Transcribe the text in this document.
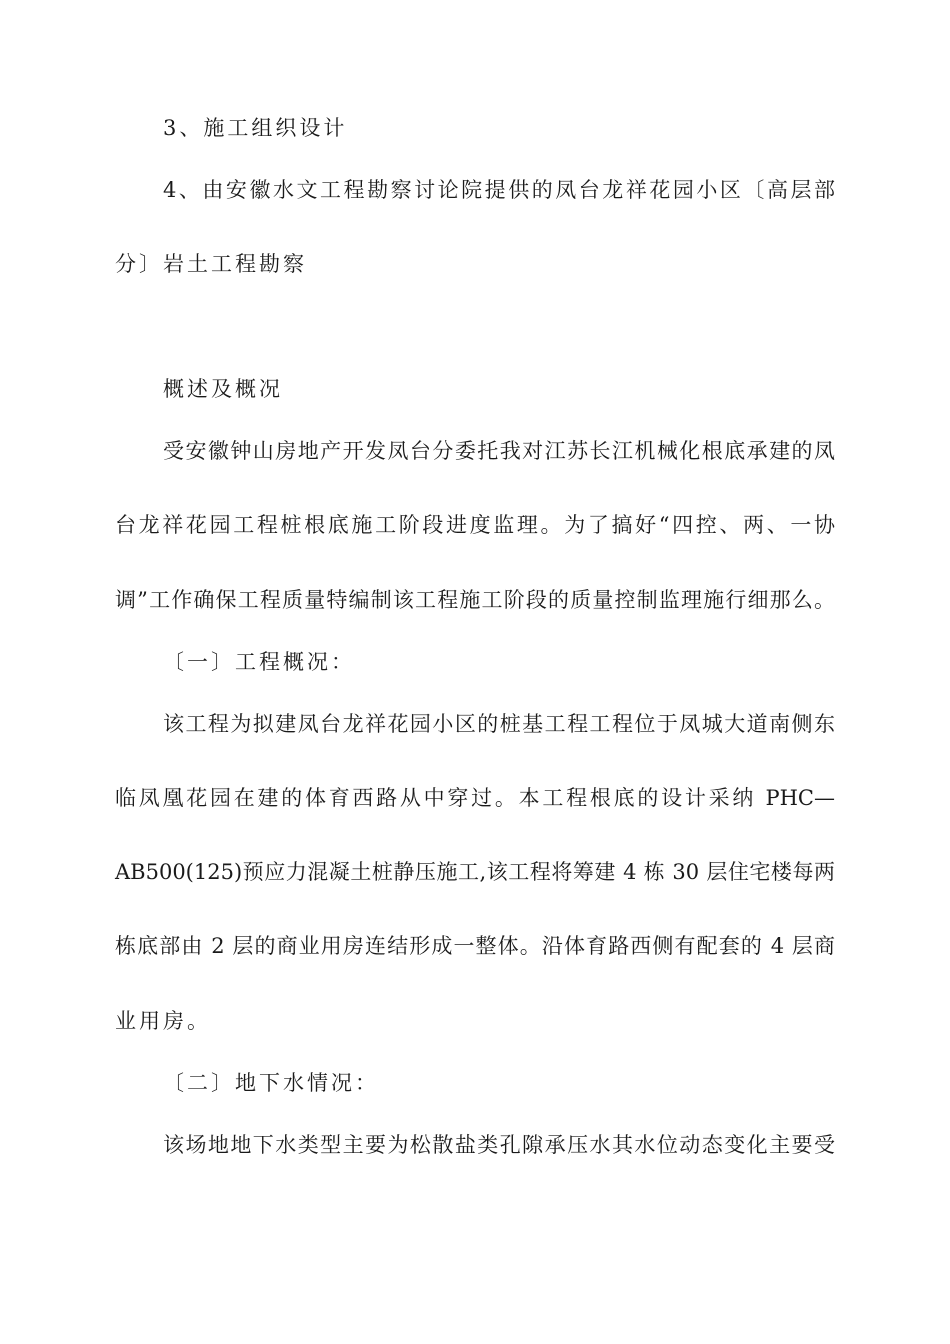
3、施工组织设计
4、由安徽水文工程勘察讨论院提供的凤台龙祥花园小区〔高层部
分〕岩土工程勘察
概述及概况
受安徽钟山房地产开发凤台分委托我对江苏长江机械化根底承建的凤
台龙祥花园工程桩根底施工阶段进度监理。为了搞好“四控、两、一协
调”工作确保工程质量特编制该工程施工阶段的质量控制监理施行细那么。
〔一〕工程概况：
该工程为拟建凤台龙祥花园小区的桩基工程工程位于凤城大道南侧东
临凤凰花园在建的体育西路从中穿过。本工程根底的设计采纳 PHC—
AB500(125)预应力混凝土桩静压施工,该工程将筹建 4 栋 30 层住宅楼每两
栋底部由 2 层的商业用房连结形成一整体。沿体育路西侧有配套的 4 层商
业用房。
〔二〕地下水情况：
该场地地下水类型主要为松散盐类孔隙承压水其水位动态变化主要受
